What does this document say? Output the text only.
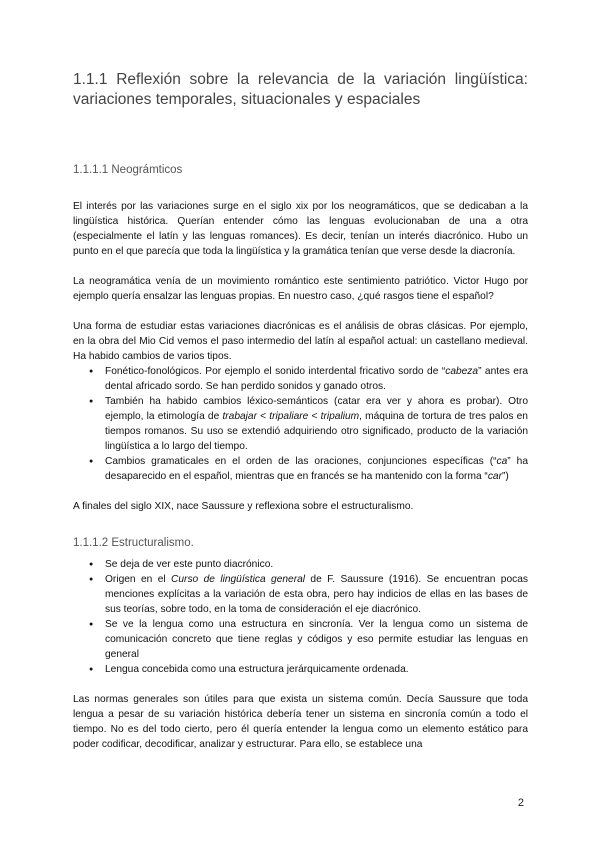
1.1.1 Reflexión sobre la relevancia de la variación lingüística: variaciones temporales, situacionales y espaciales
1.1.1.1 Neográmticos

El interés por las variaciones surge en el siglo xix por los neogramáticos, que se dedicaban a la lingüística histórica. Querían entender cómo las lenguas evolucionaban de una a otra (especialmente el latín y las lenguas romances). Es decir, tenían un interés diacrónico. Hubo un punto en el que parecía que toda la lingüística y la gramática tenían que verse desde la diacronía.

La neogramática venía de un movimiento romántico este sentimiento patriótico. Victor Hugo por ejemplo quería ensalzar las lenguas propias. En nuestro caso, ¿qué rasgos tiene el español?

Una forma de estudiar estas variaciones diacrónicas es el análisis de obras clásicas. Por ejemplo, en la obra del Mio Cid vemos el paso intermedio del latín al español actual: un castellano medieval. Ha habido cambios de varios tipos.

● Fonético-fonológicos. Por ejemplo el sonido interdental fricativo sordo de “cabeza” antes era dental africado sordo. Se han perdido sonidos y ganado otros.
● También ha habido cambios léxico-semánticos (catar era ver y ahora es probar). Otro ejemplo, la etimología de trabajar < tripaliare < tripalium, máquina de tortura de tres palos en tiempos romanos. Su uso se extendió adquiriendo otro significado, producto de la variación lingüística a lo largo del tiempo.
● Cambios gramaticales en el orden de las oraciones, conjunciones específicas (“ca” ha desaparecido en el español, mientras que en francés se ha mantenido con la forma “car”)

A finales del siglo XIX, nace Saussure y reflexiona sobre el estructuralismo.

1.1.1.2 Estructuralismo.
● Se deja de ver este punto diacrónico.
● Origen en el Curso de lingüística general de F. Saussure (1916). Se encuentran pocas menciones explícitas a la variación de esta obra, pero hay indicios de ellas en las bases de sus teorías, sobre todo, en la toma de consideración el eje diacrónico.
● Se ve la lengua como una estructura en sincronía. Ver la lengua como un sistema de comunicación concreto que tiene reglas y códigos y eso permite estudiar las lenguas en general
● Lengua concebida como una estructura jerárquicamente ordenada.

Las normas generales son útiles para que exista un sistema común. Decía Saussure que toda lengua a pesar de su variación histórica debería tener un sistema en sincronía común a todo el tiempo. No es del todo cierto, pero él quería entender la lengua como un elemento estático para poder codificar, decodificar, analizar y estructurar. Para ello, se establece una

2
